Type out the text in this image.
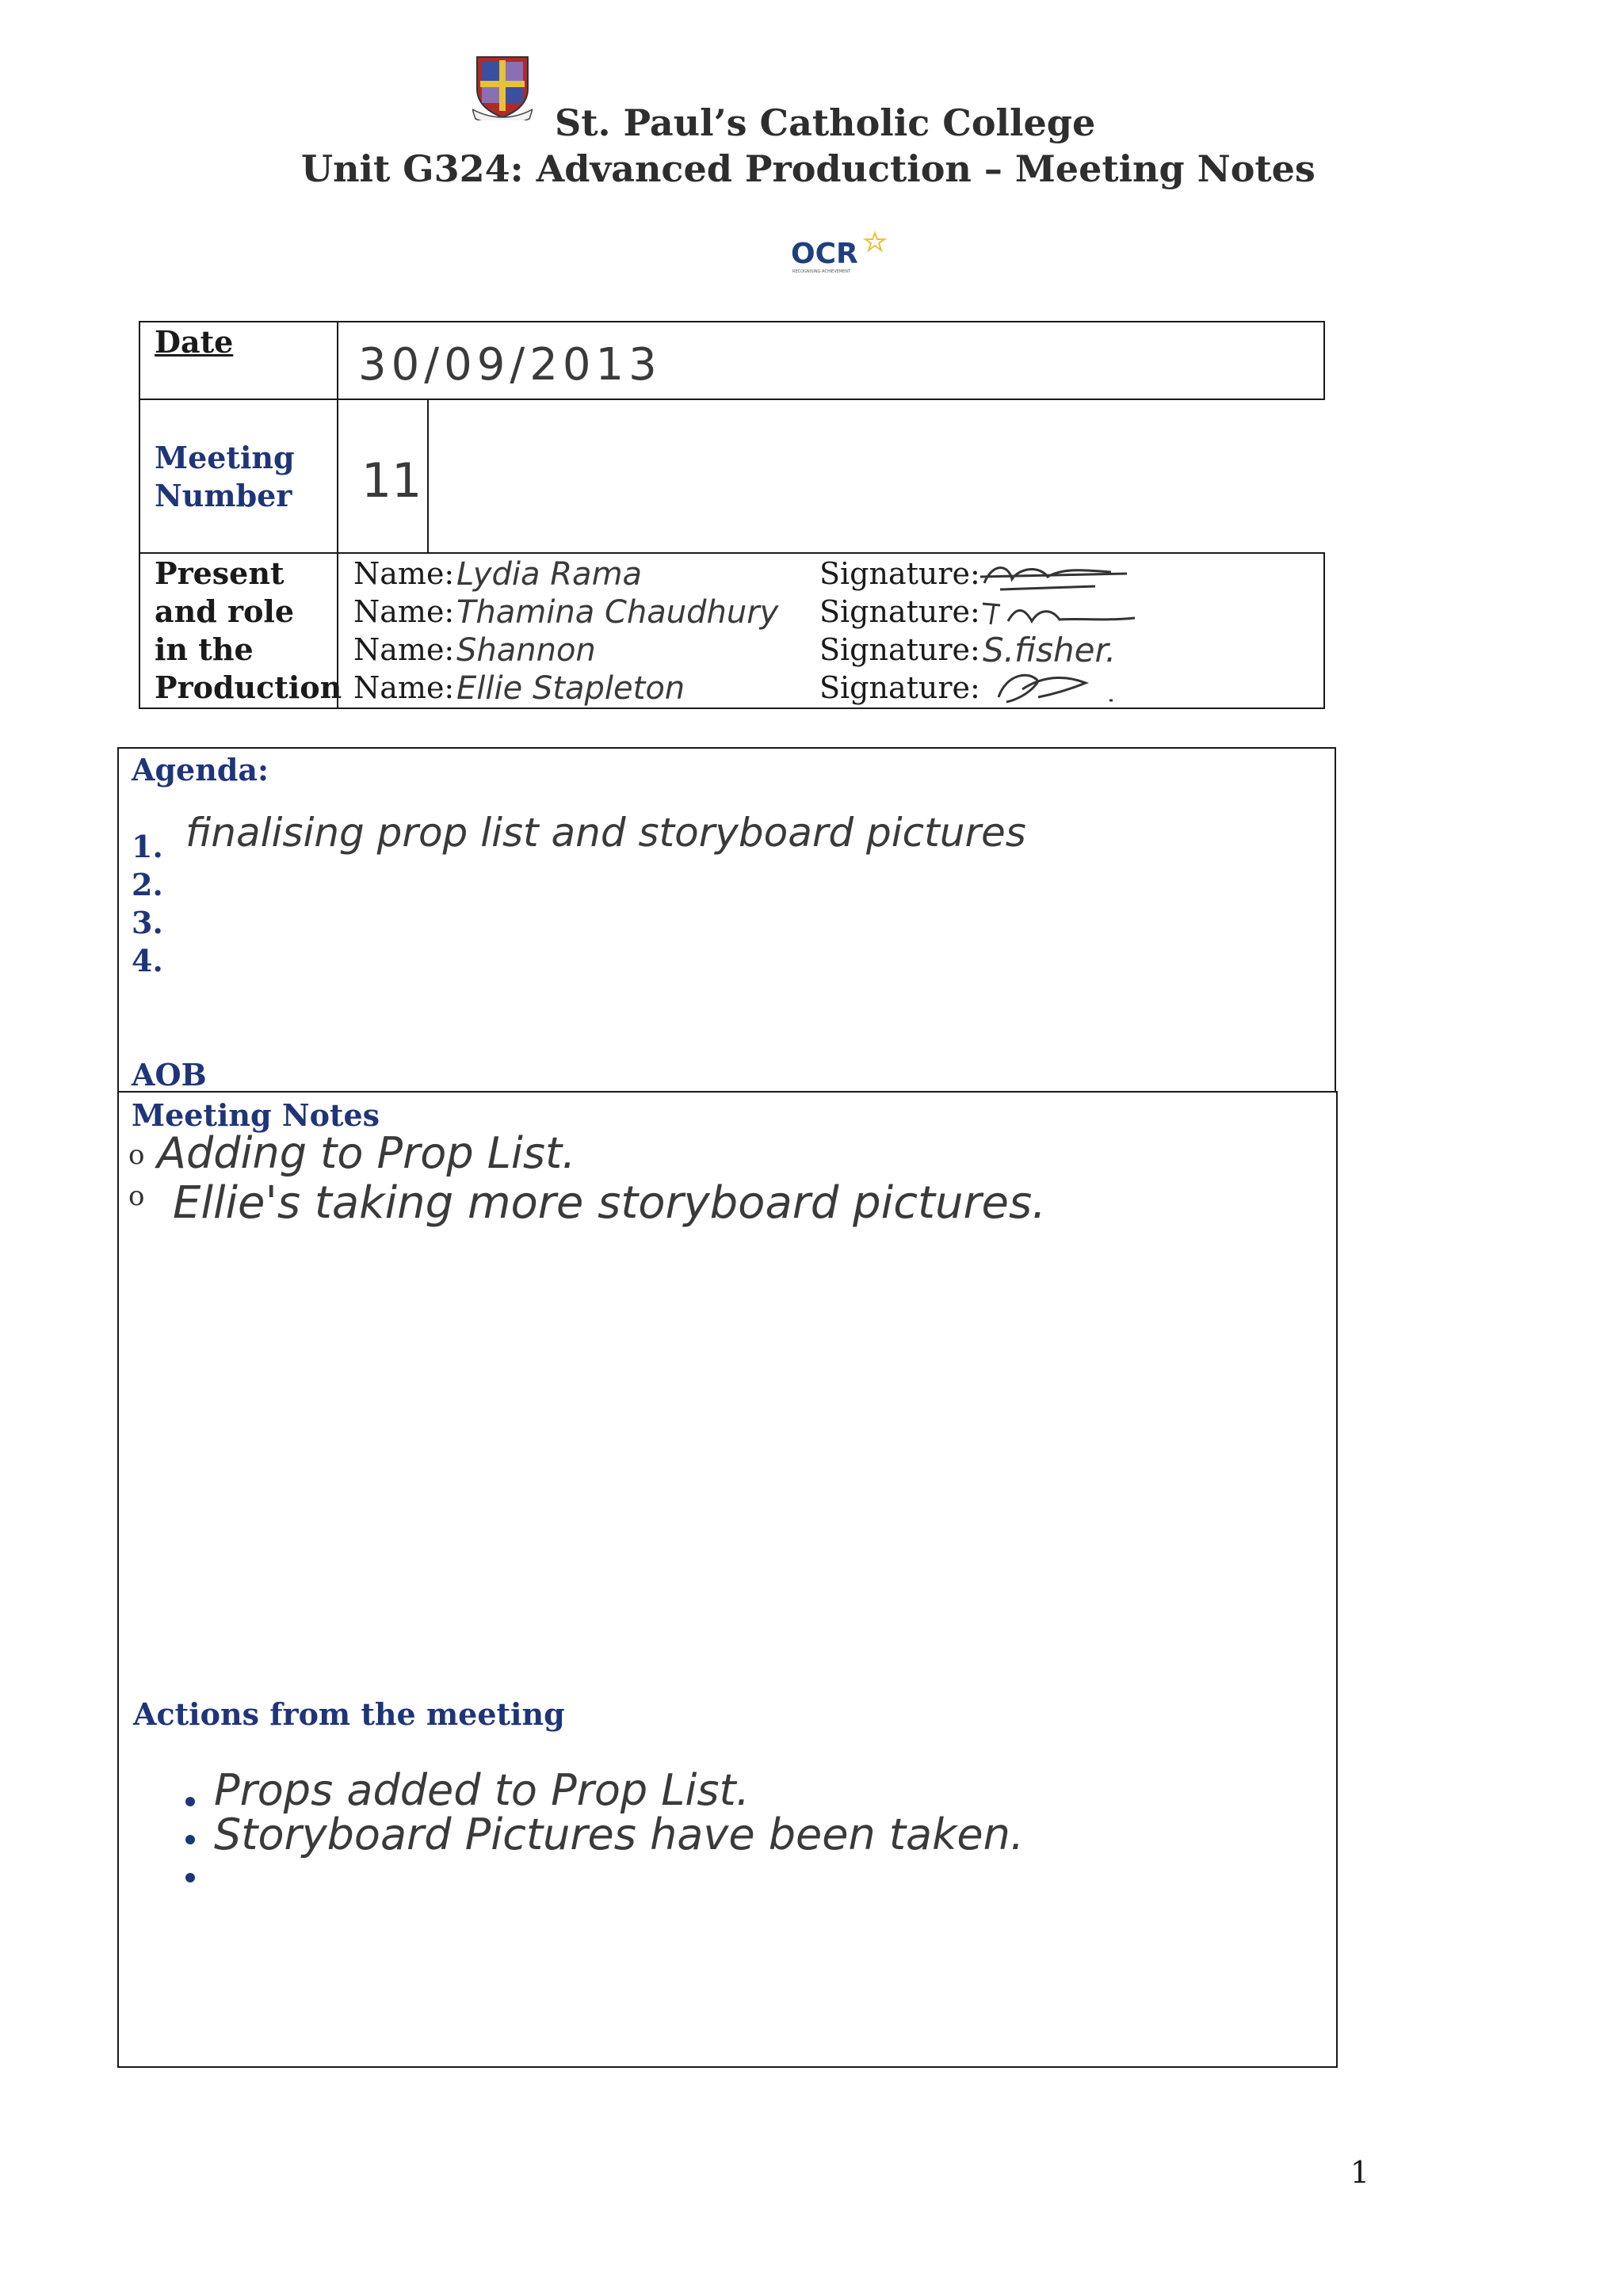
St. Paul’s Catholic College
Unit G324: Advanced Production – Meeting Notes
OCR
RECOGNISING ACHIEVEMENT
Date	30/09/2013
Meeting Number	11
Present and role in the Production
Name: Lydia Rama	Signature:
Name: Thamina Chaudhury Signature:
Name: Shannon	Signature: S.fisher.
Name: Ellie Stapleton	Signature:
Agenda:
1. finalising prop list and storyboard pictures
2.
3.
4.
AOB
Meeting Notes
o Adding to Prop List.
o Ellie's taking more storyboard pictures.
Actions from the meeting
Props added to Prop List.
Storyboard Pictures have been taken.
1
